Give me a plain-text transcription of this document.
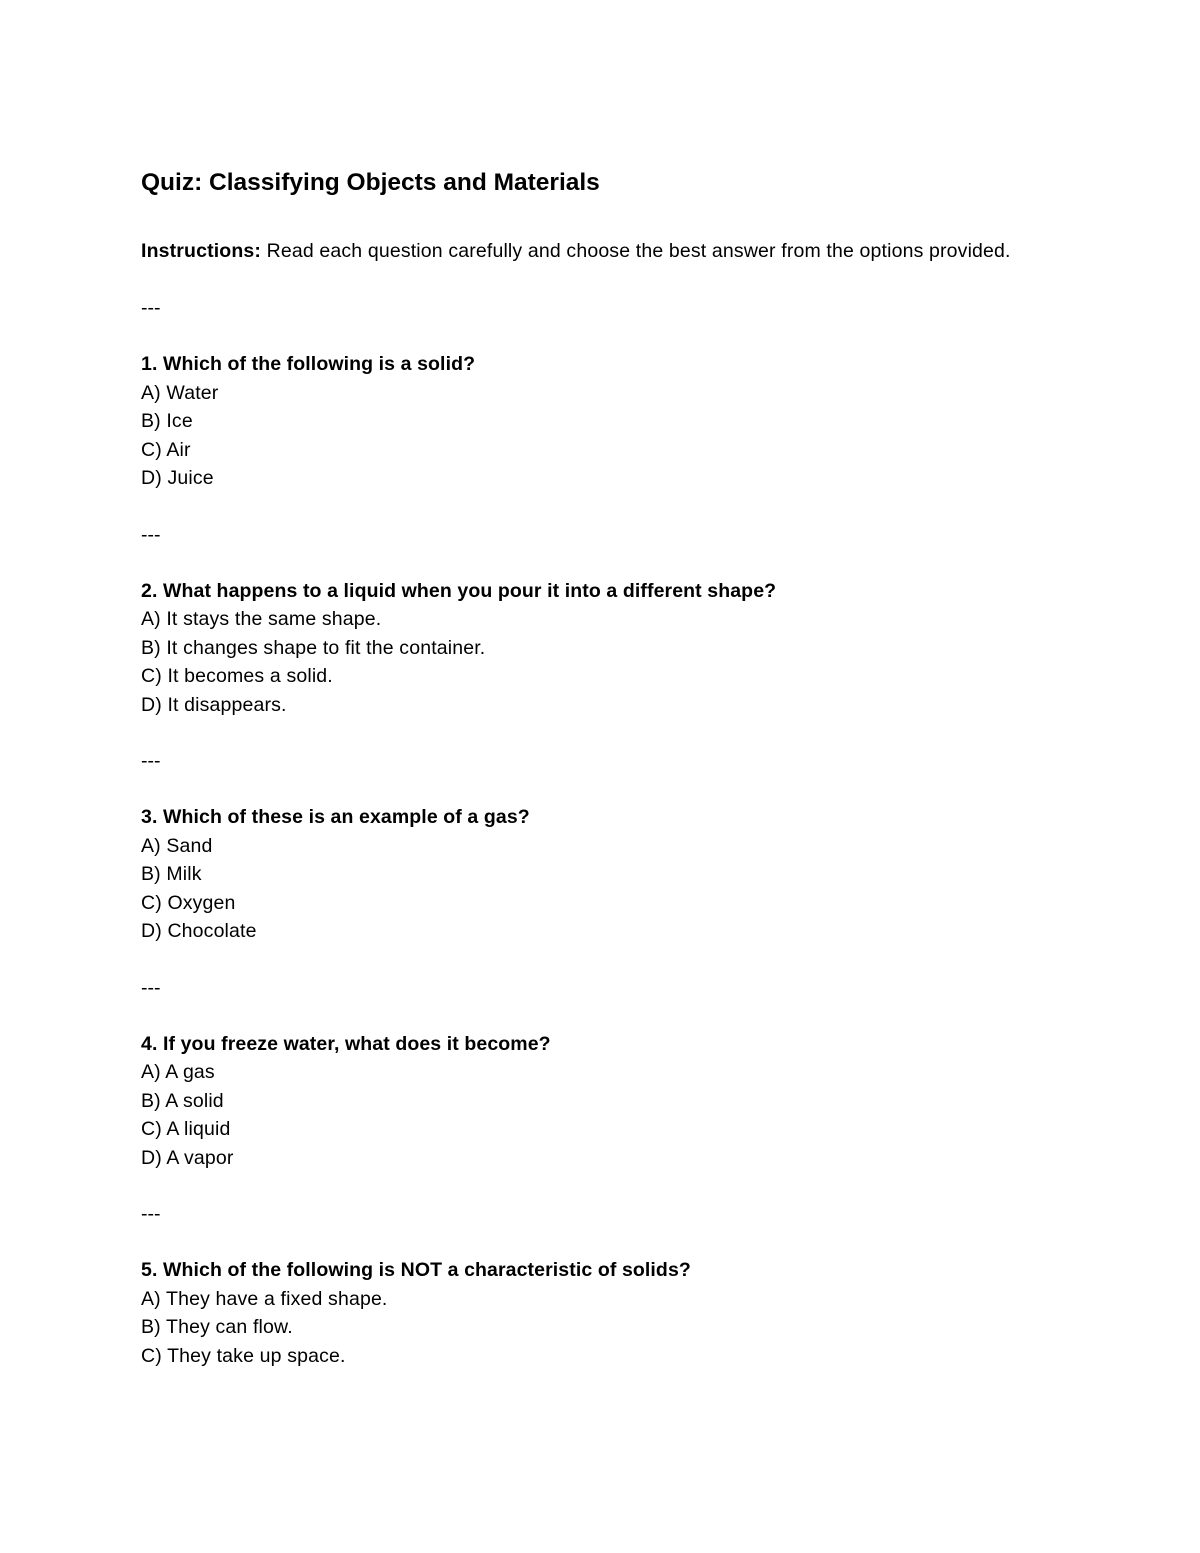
Quiz: Classifying Objects and Materials
Instructions: Read each question carefully and choose the best answer from the options provided.
---
1. Which of the following is a solid?
A) Water
B) Ice
C) Air
D) Juice
---
2. What happens to a liquid when you pour it into a different shape?
A) It stays the same shape.
B) It changes shape to fit the container.
C) It becomes a solid.
D) It disappears.
---
3. Which of these is an example of a gas?
A) Sand
B) Milk
C) Oxygen
D) Chocolate
---
4. If you freeze water, what does it become?
A) A gas
B) A solid
C) A liquid
D) A vapor
---
5. Which of the following is NOT a characteristic of solids?
A) They have a fixed shape.
B) They can flow.
C) They take up space.
